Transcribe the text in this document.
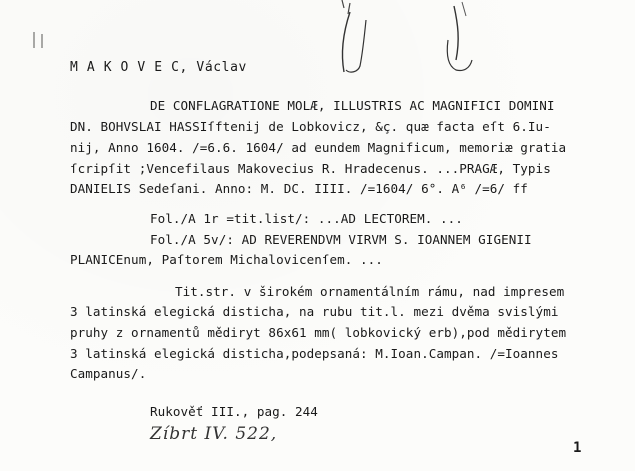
M A K O V E C, Václav
DE CONFLAGRATIONE MOLÆ, ILLUSTRIS AC MAGNIFICI DOMINI
DN. BOHVSLAI HASSIſftenij de Lobkovicz, &ç. quæ facta eſt 6.Iu-
nij, Anno 1604. /=6.6. 1604/ ad eundem Magnificum, memoriæ gratia
ſcripſit ;Vencefilaus Makovecius R. Hradecenus. ...PRAGÆ, Typis
DANIELIS Sedeſani. Anno: M. DC. IIII. /=1604/ 6°. A⁶ /=6/ ff
Fol./A 1r =tit.list/: ...AD LECTOREM. ...
Fol./A 5v/: AD REVERENDVM VIRVM S. IOANNEM GIGENII
PLANICEnum, Paſtorem Michalovicenſem. ...
Tit.str. v širokém ornamentálním rámu, nad impresem
3 latinská elegická disticha, na rubu tit.l. mezi dvěma svislými
pruhy z ornamentů mědiryt 86x61 mm( lobkovický erb),pod mědirytem
3 latinská elegická disticha,podepsaná: M.Ioan.Campan. /=Ioannes
Campanus/.
Rukověť III., pag. 244
Zíbrt IV. 522,
1
